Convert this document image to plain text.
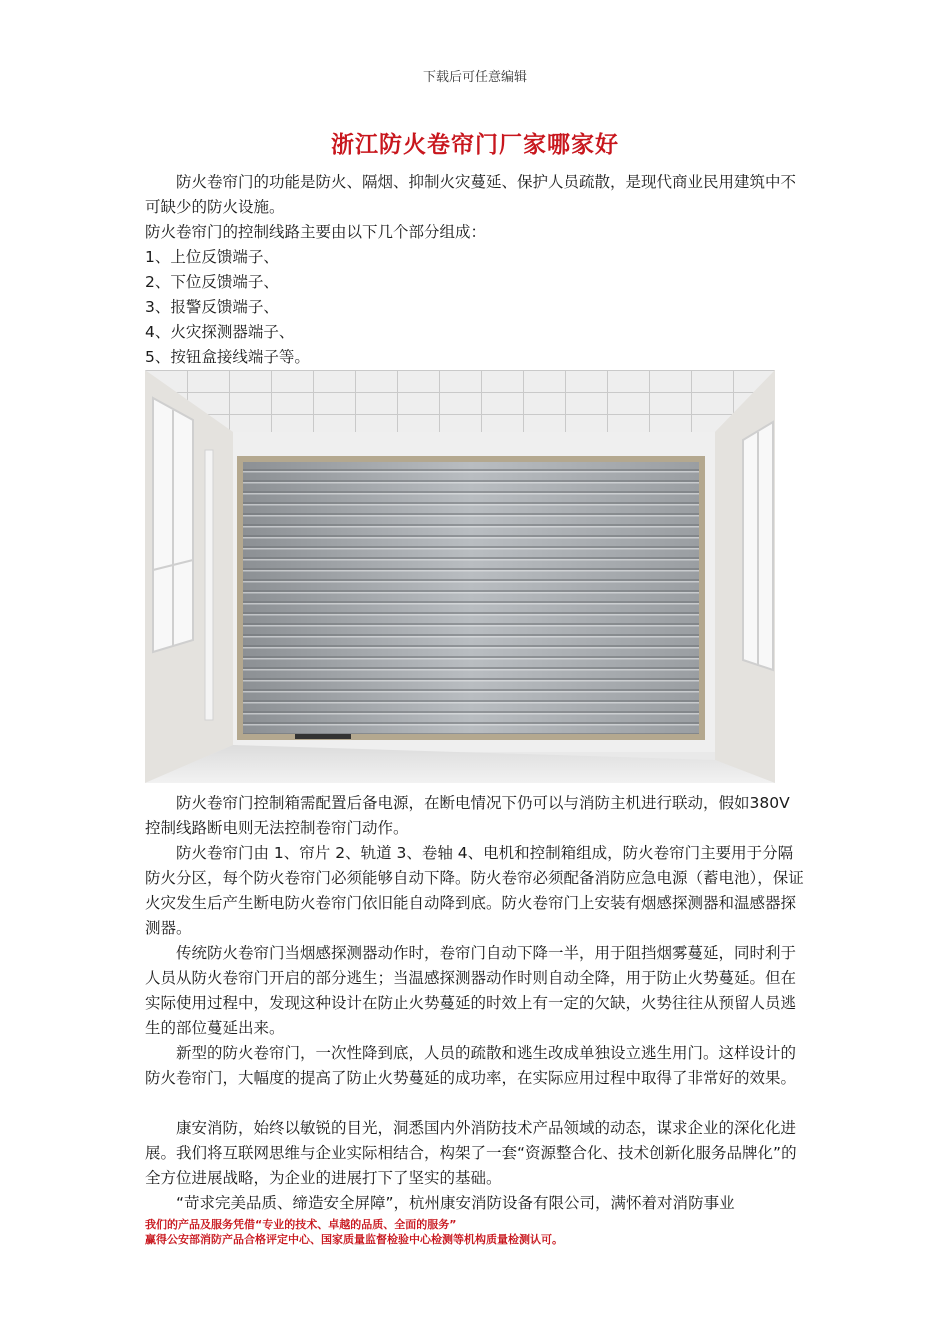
下载后可任意编辑
浙江防火卷帘门厂家哪家好

防火卷帘门的功能是防火、隔烟、抑制火灾蔓延、保护人员疏散，是现代商业民用建筑中不可缺少的防火设施。

防火卷帘门的控制线路主要由以下几个部分组成：

1、上位反馈端子、

2、下位反馈端子、

3、报警反馈端子、

4、火灾探测器端子、

5、按钮盒接线端子等。

防火卷帘门控制箱需配置后备电源，在断电情况下仍可以与消防主机进行联动，假如380V 控制线路断电则无法控制卷帘门动作。

防火卷帘门由 1、帘片 2、轨道 3、卷轴 4、电机和控制箱组成，防火卷帘门主要用于分隔防火分区，每个防火卷帘门必须能够自动下降。防火卷帘必须配备消防应急电源（蓄电池），保证火灾发生后产生断电防火卷帘门依旧能自动降到底。防火卷帘门上安装有烟感探测器和温感器探测器。

传统防火卷帘门当烟感探测器动作时，卷帘门自动下降一半，用于阻挡烟雾蔓延，同时利于人员从防火卷帘门开启的部分逃生；当温感探测器动作时则自动全降，用于防止火势蔓延。但在实际使用过程中，发现这种设计在防止火势蔓延的时效上有一定的欠缺，火势往往从预留人员逃生的部位蔓延出来。

新型的防火卷帘门，一次性降到底，人员的疏散和逃生改成单独设立逃生用门。这样设计的防火卷帘门，大幅度的提高了防止火势蔓延的成功率，在实际应用过程中取得了非常好的效果。

康安消防，始终以敏锐的目光，洞悉国内外消防技术产品领域的动态，谋求企业的深化化进展。我们将互联网思维与企业实际相结合，构架了一套“资源整合化、技术创新化服务品牌化”的全方位进展战略，为企业的进展打下了坚实的基础。

“苛求完美品质、缔造安全屏障”，杭州康安消防设备有限公司，满怀着对消防事业

我们的产品及服务凭借“专业的技术、卓越的品质、全面的服务”
赢得公安部消防产品合格评定中心、国家质量监督检验中心检测等机构质量检测认可。
